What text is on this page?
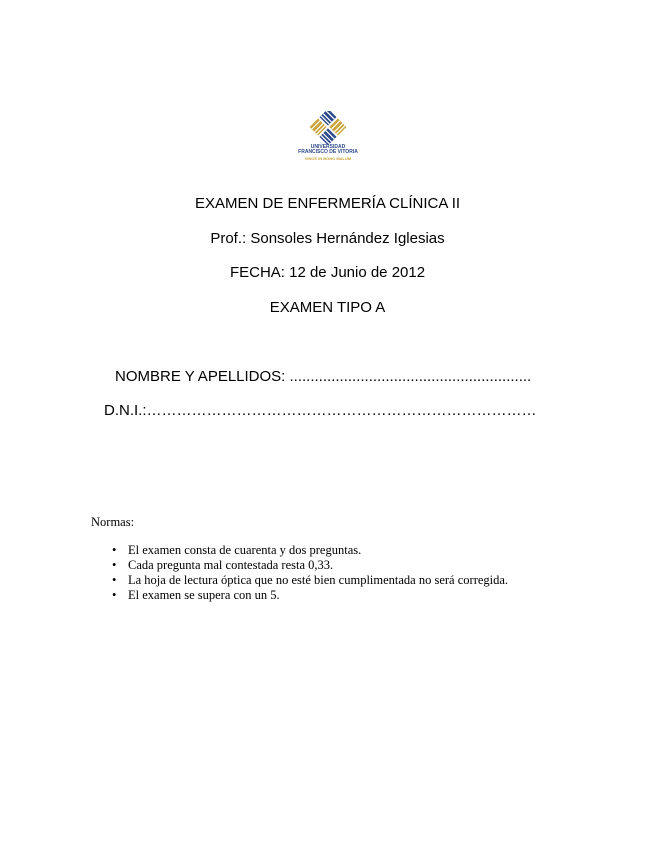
UNIVERSIDAD
FRANCISCO DE VITORIA
VINCE IN BONO MALUM
EXAMEN DE ENFERMERÍA CLÍNICA II
Prof.: Sonsoles Hernández Iglesias
FECHA: 12 de Junio de 2012
EXAMEN TIPO A
NOMBRE Y APELLIDOS: ..........................................................
D.N.I.:……………………………………………………………………
Normas:
• El examen consta de cuarenta y dos preguntas.
• Cada pregunta mal contestada resta 0,33.
• La hoja de lectura óptica que no esté bien cumplimentada no será corregida.
• El examen se supera con un 5.
